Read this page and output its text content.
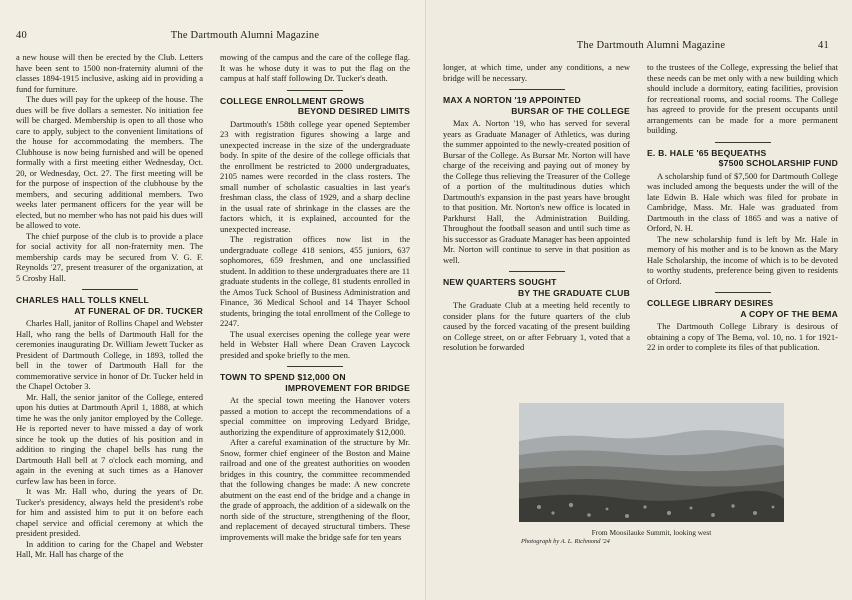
40	The Dartmouth Alumni Magazine

a new house will then be erected by the Club. Letters have been sent to 1500 non-fraternity alumni of the classes 1894-1915 inclusive, asking aid in providing a fund for furniture.

The dues will pay for the upkeep of the house. The dues will be five dollars a semester. No initiation fee will be charged. Membership is open to all those who care to apply, subject to the convenient limitations of the house for accommodating the members. The Clubhouse is now being furnished and will be opened formally with a first meeting either Wednesday, Oct. 20, or Wednesday, Oct. 27. The first meeting will be for the purpose of inspection of the clubhouse by the members, and securing additional members. Two weeks later permanent officers for the year will be elected, but no member who has not paid his dues will be allowed to vote.

The chief purpose of the club is to provide a place for social activity for all non-fraternity men. The membership cards may be secured from V. G. F. Reynolds '27, present treasurer of the organization, at 5 Crosby Hall.

CHARLES HALL TOLLS KNELL
AT FUNERAL OF DR. TUCKER

Charles Hall, janitor of Rollins Chapel and Webster Hall, who rang the bells of Dartmouth Hall for the ceremonies inaugurating Dr. William Jewett Tucker as President of Dartmouth College, in 1893, tolled the bell in the tower of Dartmouth Hall for the commemorative service in honor of Dr. Tucker held in the Chapel October 3.

Mr. Hall, the senior janitor of the College, entered upon his duties at Dartmouth April 1, 1888, at which time he was the only janitor employed by the College. He is reported never to have missed a day of work since he took up the duties of his position and in addition to ringing the chapel bells has rung the Dartmouth Hall bell at 7 o'clock each morning, and again in the evening at such times as a Hanover curfew law has been in force.

It was Mr. Hall who, during the years of Dr. Tucker's presidency, always held the president's robe for him and assisted him to put it on before each chapel service and official ceremony at which the president presided.

In addition to caring for the Chapel and Webster Hall, Mr. Hall has charge of the

mowing of the campus and the care of the college flag. It was he whose duty it was to put the flag on the campus at half staff following Dr. Tucker's death.

COLLEGE ENROLLMENT GROWS
BEYOND DESIRED LIMITS

Dartmouth's 158th college year opened September 23 with registration figures showing a large and unexpected increase in the size of the undergraduate body. In spite of the desire of the college officials that the enrollment be restricted to 2000 undergraduates, 2105 names were recorded in the class rosters. The small number of scholastic casualties in last year's freshman class, the class of 1929, and a sharp decline in the usual rate of shrinkage in the classes are the factors which, it is explained, accounted for the unexpected increase.

The registration offices now list in the undergraduate college 418 seniors, 455 juniors, 637 sophomores, 659 freshmen, and one unclassified student. In addition to these undergraduates there are 11 graduate students in the college, 81 students enrolled in the Amos Tuck School of Business Administration and Finance, 36 Medical School and 14 Thayer School students, bringing the total enrollment of the College to 2247.

The usual exercises opening the college year were held in Webster Hall where Dean Craven Laycock presided and spoke briefly to the men.

TOWN TO SPEND $12,000 ON
IMPROVEMENT FOR BRIDGE

At the special town meeting the Hanover voters passed a motion to accept the recommendations of a special committee on improving Ledyard Bridge, authorizing the expenditure of approximately $12,000.

After a careful examination of the structure by Mr. Snow, former chief engineer of the Boston and Maine railroad and one of the greatest authorities on wooden bridges in this country, the committee recommended that the following changes be made: A new concrete abutment on the east end of the bridge and a change in the grade of approach, the addition of a sidewalk on the north side of the structure, strengthening of the floor, and replacement of decayed structural timbers. These improvements will make the bridge safe for ten years

The Dartmouth Alumni Magazine	41

longer, at which time, under any conditions, a new bridge will be necessary.

MAX A NORTON '19 APPOINTED
BURSAR OF THE COLLEGE

Max A. Norton '19, who has served for several years as Graduate Manager of Athletics, was during the summer appointed to the newly-created position of Bursar of the College. As Bursar Mr. Norton will have charge of the receiving and paying out of money by the College thus relieving the Treasurer of the College of a portion of the multitudinous duties which Dartmouth's expansion in the past years have brought to that position. Mr. Norton's new office is located in Parkhurst Hall, the Administration Building. Throughout the football season and until such time as his successor as Graduate Manager has been appointed Mr. Norton will continue to serve in that position as well.

NEW QUARTERS SOUGHT
BY THE GRADUATE CLUB

The Graduate Club at a meeting held recently to consider plans for the future quarters of the club caused by the forced vacating of the present building on College street, on or after February 1, voted that a resolution be forwarded

to the trustees of the College, expressing the belief that these needs can be met only with a new building which should include a dormitory, eating facilities, provision for recreational rooms, and social rooms. The College has agreed to provide for the present occupants until arrangements can be made for a more permanent building.

E. B. HALE '65 BEQUEATHS
$7500 SCHOLARSHIP FUND

A scholarship fund of $7,500 for Dartmouth College was included among the bequests under the will of the late Edwin B. Hale which was filed for probate in Cambridge, Mass. Mr. Hale was graduated from Dartmouth in the class of 1865 and was a native of Orford, N. H.

The new scholarship fund is left by Mr. Hale in memory of his mother and is to be known as the Mary Hale Scholarship, the income of which is to be devoted to worthy students, preference being given to residents of Orford.

COLLEGE LIBRARY DESIRES
A COPY OF THE BEMA

The Dartmouth College Library is desirous of obtaining a copy of The Bema, vol. 10, no. 1 for 1921-22 in order to complete its files of that publication.

From Moosilauke Summit, looking west
Photograph by A. L. Richmond '24
